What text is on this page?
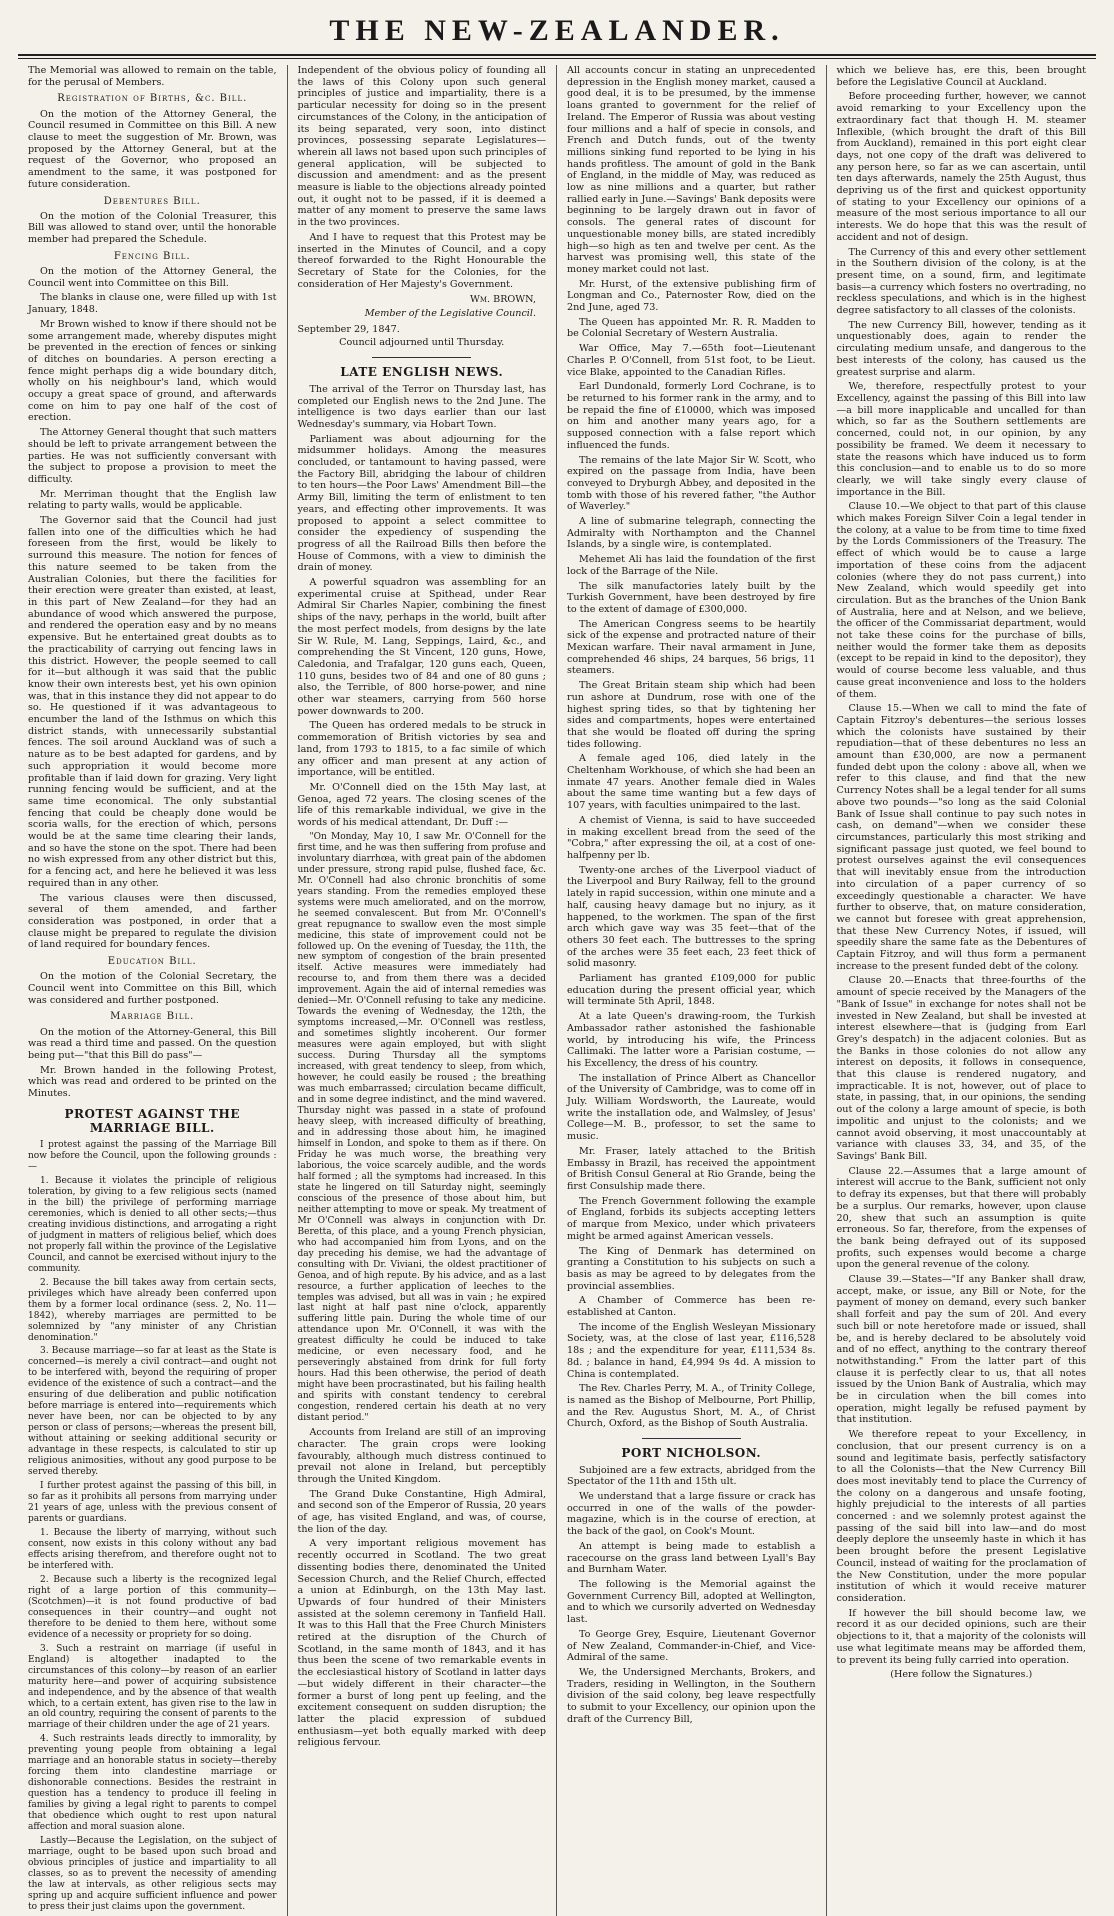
THE NEW-ZEALANDER.

The Memorial was allowed to remain on the table, for the perusal of Members.

Registration of Births, &c. Bill.

On the motion of the Attorney General, the Council resumed in Committee on this Bill. A new clause to meet the suggestion of Mr. Brown, was proposed by the Attorney General, but at the request of the Governor, who proposed an amendment to the same, it was postponed for future consideration.

Debentures Bill.

On the motion of the Colonial Treasurer, this Bill was allowed to stand over, until the honorable member had prepared the Schedule.

Fencing Bill.

On the motion of the Attorney General, the Council went into Committee on this Bill.

The blanks in clause one, were filled up with 1st January, 1848.

Mr Brown wished to know if there should not be some arrangement made, whereby disputes might be prevented in the erection of fences or sinking of ditches on boundaries. A person erecting a fence might perhaps dig a wide boundary ditch, wholly on his neighbour's land, which would occupy a great space of ground, and afterwards come on him to pay one half of the cost of erection.

The Attorney General thought that such matters should be left to private arrangement between the parties. He was not sufficiently conversant with the subject to propose a provision to meet the difficulty.

Mr. Merriman thought that the English law relating to party walls, would be applicable.

The Governor said that the Council had just fallen into one of the difficulties which he had foreseen from the first, would be likely to surround this measure. The notion for fences of this nature seemed to be taken from the Australian Colonies, but there the facilities for their erection were greater than existed, at least, in this part of New Zealand—for they had an abundance of wood which answered the purpose, and rendered the operation easy and by no means expensive. But he entertained great doubts as to the practicability of carrying out fencing laws in this district. However, the people seemed to call for it—but although it was said that the public know their own interests best, yet his own opinion was, that in this instance they did not appear to do so. He questioned if it was advantageous to encumber the land of the Isthmus on which this district stands, with unnecessarily substantial fences. The soil around Auckland was of such a nature as to be best adapted for gardens, and by such appropriation it would become more profitable than if laid down for grazing. Very light running fencing would be sufficient, and at the same time economical. The only substantial fencing that could be cheaply done would be scoria walls, for the erection of which, persons would be at the same time clearing their lands, and so have the stone on the spot. There had been no wish expressed from any other district but this, for a fencing act, and here he believed it was less required than in any other.

The various clauses were then discussed, several of them amended, and farther consideration was postponed, in order that a clause might be prepared to regulate the division of land required for boundary fences.

Education Bill.

On the motion of the Colonial Secretary, the Council went into Committee on this Bill, which was considered and further postponed.

Marriage Bill.

On the motion of the Attorney-General, this Bill was read a third time and passed. On the question being put—"that this Bill do pass"—

Mr. Brown handed in the following Protest, which was read and ordered to be printed on the Minutes.

PROTEST AGAINST THE MARRIAGE BILL.

I protest against the passing of the Marriage Bill now before the Council, upon the following grounds :—

1. Because it violates the principle of religious toleration, by giving to a few religious sects (named in the bill) the privilege of performing marriage ceremonies, which is denied to all other sects;—thus creating invidious distinctions, and arrogating a right of judgment in matters of religious belief, which does not properly fall within the province of the Legislative Council, and cannot be exercised without injury to the community.

2. Because the bill takes away from certain sects, privileges which have already been conferred upon them by a former local ordinance (sess. 2, No. 11—1842), whereby marriages are permitted to be solemnized by "any minister of any Christian denomination."

3. Because marriage—so far at least as the State is concerned—is merely a civil contract—and ought not to be interfered with, beyond the requiring of proper evidence of the existence of such a contract—and the ensuring of due deliberation and public notification before marriage is entered into—requirements which never have been, nor can be objected to by any person or class of persons;—whereas the present bill, without attaining or seeking additional security or advantage in these respects, is calculated to stir up religious animosities, without any good purpose to be served thereby.

I further protest against the passing of this bill, in so far as it prohibits all persons from marrying under 21 years of age, unless with the previous consent of parents or guardians.

1. Because the liberty of marrying, without such consent, now exists in this colony without any bad effects arising therefrom, and therefore ought not to be interfered with.

2. Because such a liberty is the recognized legal right of a large portion of this community—(Scotchmen)—it is not found productive of bad consequences in their country—and ought not therefore to be denied to them here, without some evidence of a necessity or propriety for so doing.

3. Such a restraint on marriage (if useful in England) is altogether inadapted to the circumstances of this colony—by reason of an earlier maturity here—and power of acquiring subsistence and independence, and by the absence of that wealth which, to a certain extent, has given rise to the law in an old country, requiring the consent of parents to the marriage of their children under the age of 21 years.

4. Such restraints leads directly to immorality, by preventing young people from obtaining a legal marriage and an honorable status in society—thereby forcing them into clandestine marriage or dishonorable connections. Besides the restraint in question has a tendency to produce ill feeling in families by giving a legal right to parents to compel that obedience which ought to rest upon natural affection and moral suasion alone.

Lastly—Because the Legislation, on the subject of marriage, ought to be based upon such broad and obvious principles of justice and impartiality to all classes, so as to prevent the necessity of amending the law at intervals, as other religious sects may spring up and acquire sufficient influence and power to press their just claims upon the government.

Independent of the obvious policy of founding all the laws of this Colony upon such general principles of justice and impartiality, there is a particular necessity for doing so in the present circumstances of the Colony, in the anticipation of its being separated, very soon, into distinct provinces, possessing separate Legislatures—wherein all laws not based upon such principles of general application, will be subjected to discussion and amendment: and as the present measure is liable to the objections already pointed out, it ought not to be passed, if it is deemed a matter of any moment to preserve the same laws in the two provinces.

And I have to request that this Protest may be inserted in the Minutes of Council, and a copy thereof forwarded to the Right Honourable the Secretary of State for the Colonies, for the consideration of Her Majesty's Government.

Wm. BROWN,
Member of the Legislative Council.

September 29, 1847.

Council adjourned until Thursday.

LATE ENGLISH NEWS.

The arrival of the Terror on Thursday last, has completed our English news to the 2nd June. The intelligence is two days earlier than our last Wednesday's summary, via Hobart Town.

Parliament was about adjourning for the midsummer holidays. Among the measures concluded, or tantamount to having passed, were the Factory Bill, abridging the labour of children to ten hours—the Poor Laws' Amendment Bill—the Army Bill, limiting the term of enlistment to ten years, and effecting other improvements. It was proposed to appoint a select committee to consider the expediency of suspending the progress of all the Railroad Bills then before the House of Commons, with a view to diminish the drain of money.

A powerful squadron was assembling for an experimental cruise at Spithead, under Rear Admiral Sir Charles Napier, combining the finest ships of the navy, perhaps in the world, built after the most perfect models, from designs by the late Sir W. Rule, M. Lang, Seppings, Laird, &c., and comprehending the St Vincent, 120 guns, Howe, Caledonia, and Trafalgar, 120 guns each, Queen, 110 guns, besides two of 84 and one of 80 guns ; also, the Terrible, of 800 horse-power, and nine other war steamers, carrying from 560 horse power downwards to 200.

The Queen has ordered medals to be struck in commemoration of British victories by sea and land, from 1793 to 1815, to a fac simile of which any officer and man present at any action of importance, will be entitled.

Mr. O'Connell died on the 15th May last, at Genoa, aged 72 years. The closing scenes of the life of this remarkable individual, we give in the words of his medical attendant, Dr. Duff :—

"On Monday, May 10, I saw Mr. O'Connell for the first time, and he was then suffering from profuse and involuntary diarrhœa, with great pain of the abdomen under pressure, strong rapid pulse, flushed face, &c. Mr. O'Connell had also chronic bronchitis of some years standing. From the remedies employed these systems were much ameliorated, and on the morrow, he seemed convalescent. But from Mr. O'Connell's great repugnance to swallow even the most simple medicine, this state of improvement could not be followed up. On the evening of Tuesday, the 11th, the new symptom of congestion of the brain presented itself. Active measures were immediately had recourse to, and from them there was a decided improvement. Again the aid of internal remedies was denied—Mr. O'Connell refusing to take any medicine. Towards the evening of Wednesday, the 12th, the symptoms increased,—Mr. O'Connell was restless, and sometimes slightly incoherent. Our former measures were again employed, but with slight success. During Thursday all the symptoms increased, with great tendency to sleep, from which, however, he could easily be roused ; the breathing was much embarrassed; circulation became difficult, and in some degree indistinct, and the mind wavered. Thursday night was passed in a state of profound heavy sleep, with increased difficulty of breathing, and in addressing those about him, he imagined himself in London, and spoke to them as if there. On Friday he was much worse, the breathing very laborious, the voice scarcely audible, and the words half formed ; all the symptoms had increased. In this state he lingered on till Saturday night, seemingly conscious of the presence of those about him, but neither attempting to move or speak. My treatment of Mr O'Connell was always in conjunction with Dr. Beretta, of this place, and a young French physician, who had accompanied him from Lyons, and on the day preceding his demise, we had the advantage of consulting with Dr. Viviani, the oldest practitioner of Genoa, and of high repute. By his advice, and as a last resource, a further application of leeches to the temples was advised, but all was in vain ; he expired last night at half past nine o'clock, apparently suffering little pain. During the whole time of our attendance upon Mr. O'Connell, it was with the greatest difficulty he could be induced to take medicine, or even necessary food, and he perseveringly abstained from drink for full forty hours. Had this been otherwise, the period of death might have been procrastinated, but his failing health and spirits with constant tendency to cerebral congestion, rendered certain his death at no very distant period."

Accounts from Ireland are still of an improving character. The grain crops were looking favourably, although much distress continued to prevail not alone in Ireland, but perceptibly through the United Kingdom.

The Grand Duke Constantine, High Admiral, and second son of the Emperor of Russia, 20 years of age, has visited England, and was, of course, the lion of the day.

A very important religious movement has recently occurred in Scotland. The two great dissenting bodies there, denominated the United Secession Church, and the Relief Church, effected a union at Edinburgh, on the 13th May last. Upwards of four hundred of their Ministers assisted at the solemn ceremony in Tanfield Hall. It was to this Hall that the Free Church Ministers retired at the disruption of the Church of Scotland, in the same month of 1843, and it has thus been the scene of two remarkable events in the ecclesiastical history of Scotland in latter days—but widely different in their character—the former a burst of long pent up feeling, and the excitement consequent on sudden disruption; the latter the placid expression of subdued enthusiasm—yet both equally marked with deep religious fervour.

All accounts concur in stating an unprecedented depression in the English money market, caused a good deal, it is to be presumed, by the immense loans granted to government for the relief of Ireland. The Emperor of Russia was about vesting four millions and a half of specie in consols, and French and Dutch funds, out of the twenty millions sinking fund reported to be lying in his hands profitless. The amount of gold in the Bank of England, in the middle of May, was reduced as low as nine millions and a quarter, but rather rallied early in June.—Savings' Bank deposits were beginning to be largely drawn out in favor of consols. The general rates of discount for unquestionable money bills, are stated incredibly high—so high as ten and twelve per cent. As the harvest was promising well, this state of the money market could not last.

Mr. Hurst, of the extensive publishing firm of Longman and Co., Paternoster Row, died on the 2nd June, aged 73.

The Queen has appointed Mr. R. R. Madden to be Colonial Secretary of Western Australia.

War Office, May 7.—65th foot—Lieutenant Charles P. O'Connell, from 51st foot, to be Lieut. vice Blake, appointed to the Canadian Rifles.

Earl Dundonald, formerly Lord Cochrane, is to be returned to his former rank in the army, and to be repaid the fine of £10000, which was imposed on him and another many years ago, for a supposed connection with a false report which influenced the funds.

The remains of the late Major Sir W. Scott, who expired on the passage from India, have been conveyed to Dryburgh Abbey, and deposited in the tomb with those of his revered father, "the Author of Waverley."

A line of submarine telegraph, connecting the Admiralty with Northampton and the Channel Islands, by a single wire, is contemplated.

Mehemet Ali has laid the foundation of the first lock of the Barrage of the Nile.

The silk manufactories lately built by the Turkish Government, have been destroyed by fire to the extent of damage of £300,000.

The American Congress seems to be heartily sick of the expense and protracted nature of their Mexican warfare. Their naval armament in June, comprehended 46 ships, 24 barques, 56 brigs, 11 steamers.

The Great Britain steam ship which had been run ashore at Dundrum, rose with one of the highest spring tides, so that by tightening her sides and compartments, hopes were entertained that she would be floated off during the spring tides following.

A female aged 106, died lately in the Cheltenham Workhouse, of which she had been an inmate 47 years. Another female died in Wales about the same time wanting but a few days of 107 years, with faculties unimpaired to the last.

A chemist of Vienna, is said to have succeeded in making excellent bread from the seed of the "Cobra," after expressing the oil, at a cost of one-halfpenny per lb.

Twenty-one arches of the Liverpool viaduct of the Liverpool and Bury Railway, fell to the ground lately in rapid succession, within one minute and a half, causing heavy damage but no injury, as it happened, to the workmen. The span of the first arch which gave way was 35 feet—that of the others 30 feet each. The buttresses to the spring of the arches were 35 feet each, 23 feet thick of solid masonry.

Parliament has granted £109,000 for public education during the present official year, which will terminate 5th April, 1848.

At a late Queen's drawing-room, the Turkish Ambassador rather astonished the fashionable world, by introducing his wife, the Princess Callimaki. The latter wore a Parisian costume, —his Excellency, the dress of his country.

The installation of Prince Albert as Chancellor of the University of Cambridge, was to come off in July. William Wordsworth, the Laureate, would write the installation ode, and Walmsley, of Jesus' College—M. B., professor, to set the same to music.

Mr. Fraser, lately attached to the British Embassy in Brazil, has received the appointment of British Consul General at Rio Grande, being the first Consulship made there.

The French Government following the example of England, forbids its subjects accepting letters of marque from Mexico, under which privateers might be armed against American vessels.

The King of Denmark has determined on granting a Constitution to his subjects on such a basis as may be agreed to by delegates from the provincial assemblies.

A Chamber of Commerce has been re-established at Canton.

The income of the English Wesleyan Missionary Society, was, at the close of last year, £116,528 18s ; and the expenditure for year, £111,534 8s. 8d. ; balance in hand, £4,994 9s 4d. A mission to China is contemplated.

The Rev. Charles Perry, M. A., of Trinity College, is named as the Bishop of Melbourne, Port Phillip, and the Rev. Augustus Short, M. A., of Christ Church, Oxford, as the Bishop of South Australia.

PORT NICHOLSON.

Subjoined are a few extracts, abridged from the Spectator of the 11th and 15th ult.

We understand that a large fissure or crack has occurred in one of the walls of the powder-magazine, which is in the course of erection, at the back of the gaol, on Cook's Mount.

An attempt is being made to establish a racecourse on the grass land between Lyall's Bay and Burnham Water.

The following is the Memorial against the Government Currency Bill, adopted at Wellington, and to which we cursorily adverted on Wednesday last.

To George Grey, Esquire, Lieutenant Governor of New Zealand, Commander-in-Chief, and Vice-Admiral of the same.

We, the Undersigned Merchants, Brokers, and Traders, residing in Wellington, in the Southern division of the said colony, beg leave respectfully to submit to your Excellency, our opinion upon the draft of the Currency Bill,

which we believe has, ere this, been brought before the Legislative Council at Auckland.

Before proceeding further, however, we cannot avoid remarking to your Excellency upon the extraordinary fact that though H. M. steamer Inflexible, (which brought the draft of this Bill from Auckland), remained in this port eight clear days, not one copy of the draft was delivered to any person here, so far as we can ascertain, until ten days afterwards, namely the 25th August, thus depriving us of the first and quickest opportunity of stating to your Excellency our opinions of a measure of the most serious importance to all our interests. We do hope that this was the result of accident and not of design.

The Currency of this and every other settlement in the Southern division of the colony, is at the present time, on a sound, firm, and legitimate basis—a currency which fosters no overtrading, no reckless speculations, and which is in the highest degree satisfactory to all classes of the colonists.

The new Currency Bill, however, tending as it unquestionably does, again to render the circulating medium unsafe, and dangerous to the best interests of the colony, has caused us the greatest surprise and alarm.

We, therefore, respectfully protest to your Excellency, against the passing of this Bill into law—a bill more inapplicable and uncalled for than which, so far as the Southern settlements are concerned, could not, in our opinion, by any possibility be framed. We deem it necessary to state the reasons which have induced us to form this conclusion—and to enable us to do so more clearly, we will take singly every clause of importance in the Bill.

Clause 10.—We object to that part of this clause which makes Foreign Silver Coin a legal tender in the colony, at a value to be from time to time fixed by the Lords Commissioners of the Treasury. The effect of which would be to cause a large importation of these coins from the adjacent colonies (where they do not pass current,) into New Zealand, which would speedily get into circulation. But as the branches of the Union Bank of Australia, here and at Nelson, and we believe, the officer of the Commissariat department, would not take these coins for the purchase of bills, neither would the former take them as deposits (except to be repaid in kind to the depositor), they would of course become less valuable, and thus cause great inconvenience and loss to the holders of them.

Clause 15.—When we call to mind the fate of Captain Fitzroy's debentures—the serious losses which the colonists have sustained by their repudiation—that of these debentures no less an amount than £30,000, are now a permanent funded debt upon the colony : above all, when we refer to this clause, and find that the new Currency Notes shall be a legal tender for all sums above two pounds—"so long as the said Colonial Bank of Issue shall continue to pay such notes in cash, on demand"—when we consider these circumstances, particularly this most striking and significant passage just quoted, we feel bound to protest ourselves against the evil consequences that will inevitably ensue from the introduction into circulation of a paper currency of so exceedingly questionable a character. We have further to observe, that, on mature consideration, we cannot but foresee with great apprehension, that these New Currency Notes, if issued, will speedily share the same fate as the Debentures of Captain Fitzroy, and will thus form a permanent increase to the present funded debt of the colony.

Clause 20.—Enacts that three-fourths of the amount of specie received by the Managers of the "Bank of Issue" in exchange for notes shall not be invested in New Zealand, but shall be invested at interest elsewhere—that is (judging from Earl Grey's despatch) in the adjacent colonies. But as the Banks in those colonies do not allow any interest on deposits, it follows in consequence, that this clause is rendered nugatory, and impracticable. It is not, however, out of place to state, in passing, that, in our opinions, the sending out of the colony a large amount of specie, is both impolitic and unjust to the colonists; and we cannot avoid observing, it most unaccountably at variance with clauses 33, 34, and 35, of the Savings' Bank Bill.

Clause 22.—Assumes that a large amount of interest will accrue to the Bank, sufficient not only to defray its expenses, but that there will probably be a surplus. Our remarks, however, upon clause 20, shew that such an assumption is quite erroneous. So far, therefore, from the expenses of the bank being defrayed out of its supposed profits, such expenses would become a charge upon the general revenue of the colony.

Clause 39.—States—"If any Banker shall draw, accept, make, or issue, any Bill or Note, for the payment of money on demand, every such banker shall forfeit and pay the sum of 20l. And every such bill or note heretofore made or issued, shall be, and is hereby declared to be absolutely void and of no effect, anything to the contrary thereof notwithstanding." From the latter part of this clause it is perfectly clear to us, that all notes issued by the Union Bank of Australia, which may be in circulation when the bill comes into operation, might legally be refused payment by that institution.

We therefore repeat to your Excellency, in conclusion, that our present currency is on a sound and legitimate basis, perfectly satisfactory to all the Colonists—that the New Currency Bill does most inevitably tend to place the Currency of the colony on a dangerous and unsafe footing, highly prejudicial to the interests of all parties concerned : and we solemnly protest against the passing of the said bill into law—and do most deeply deplore the unseemly haste in which it has been brought before the present Legislative Council, instead of waiting for the proclamation of the New Constitution, under the more popular institution of which it would receive maturer consideration.

If however the bill should become law, we record it as our decided opinions, such are their objections to it, that a majority of the colonists will use what legitimate means may be afforded them, to prevent its being fully carried into operation.

(Here follow the Signatures.)
